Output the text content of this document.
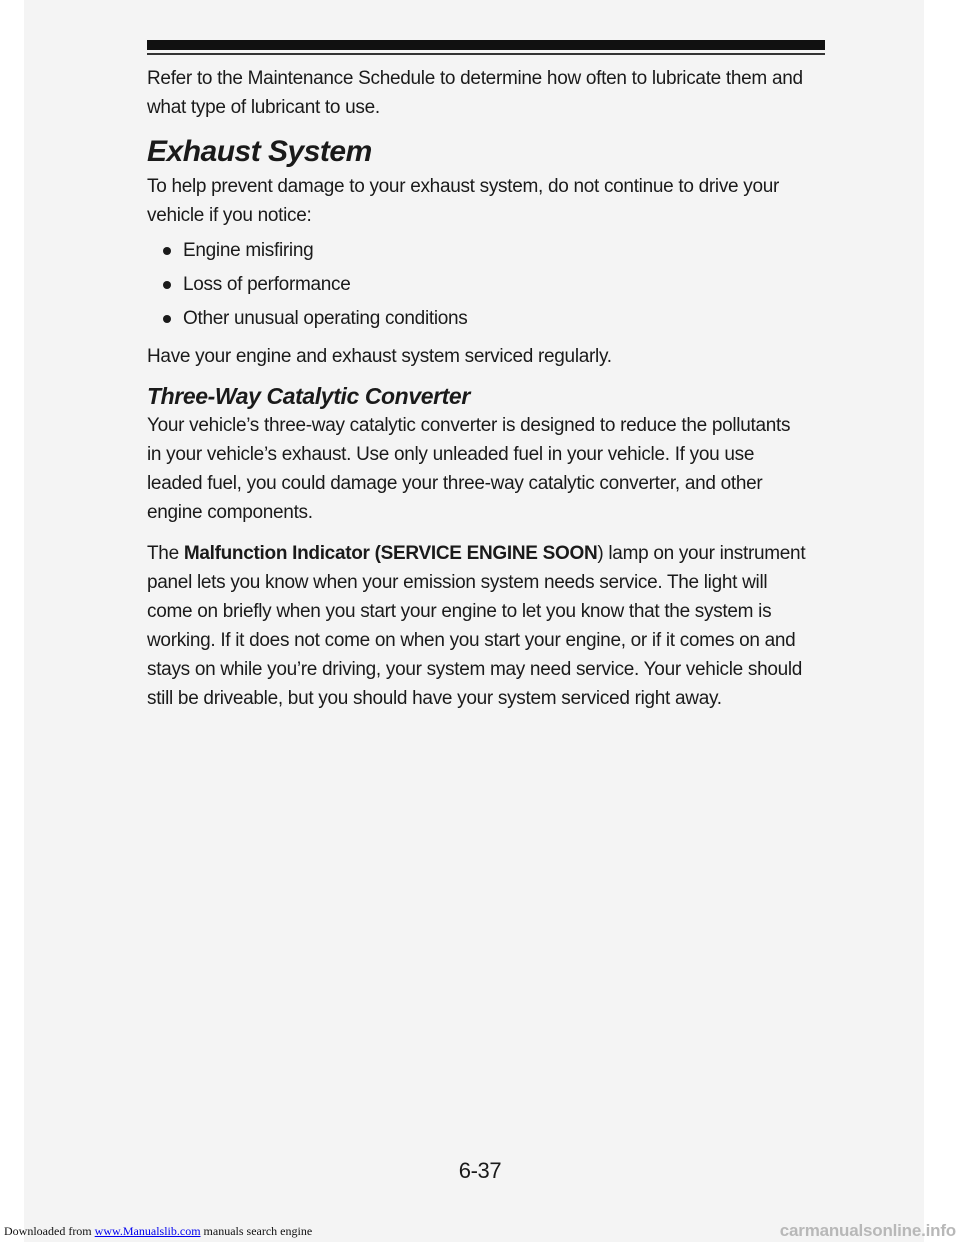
Refer to the Maintenance Schedule to determine how often to lubricate them and what type of lubricant to use.

Exhaust System

To help prevent damage to your exhaust system, do not continue to drive your vehicle if you notice:

Engine misfiring
Loss of performance
Other unusual operating conditions

Have your engine and exhaust system serviced regularly.

Three-Way Catalytic Converter

Your vehicle’s three-way catalytic converter is designed to reduce the pollutants in your vehicle’s exhaust. Use only unleaded fuel in your vehicle. If you use leaded fuel, you could damage your three-way catalytic converter, and other engine components.

The Malfunction Indicator (SERVICE ENGINE SOON) lamp on your instrument panel lets you know when your emission system needs service. The light will come on briefly when you start your engine to let you know that the system is working. If it does not come on when you start your engine, or if it comes on and stays on while you’re driving, your system may need service. Your vehicle should still be driveable, but you should have your system serviced right away.

6-37
Downloaded from www.Manualslib.com manuals search engine	carmanualsonline.info
